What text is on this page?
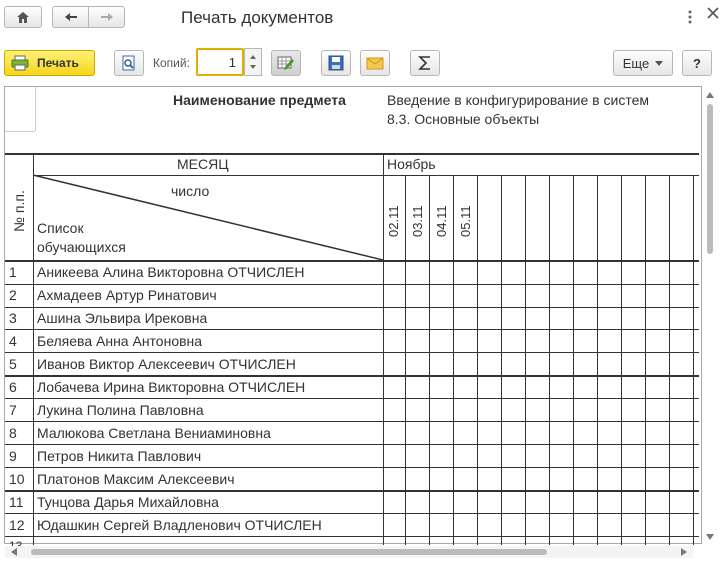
Печать документов
Печать	Копий:	1	Еще	?
Наименование предмета	Введение в конфигурирование в систем
8.3. Основные объекты
МЕСЯЦ	Ноябрь
число
Список
обучающихся
№ п.п.	02.11 03.11 04.11 05.11
1 Аникеева Алина Викторовна ОТЧИСЛЕН
2 Ахмадеев Артур Ринатович
3 Ашина Эльвира Ирековна
4 Беляева Анна Антоновна
5 Иванов Виктор Алексеевич ОТЧИСЛЕН
6 Лобачева Ирина Викторовна ОТЧИСЛЕН
7 Лукина Полина Павловна
8 Малюкова Светлана Вениаминовна
9 Петров Никита Павлович
10 Платонов Максим Алексеевич
11 Тунцова Дарья Михайловна
12 Юдашкин Сергей Владленович ОТЧИСЛЕН
